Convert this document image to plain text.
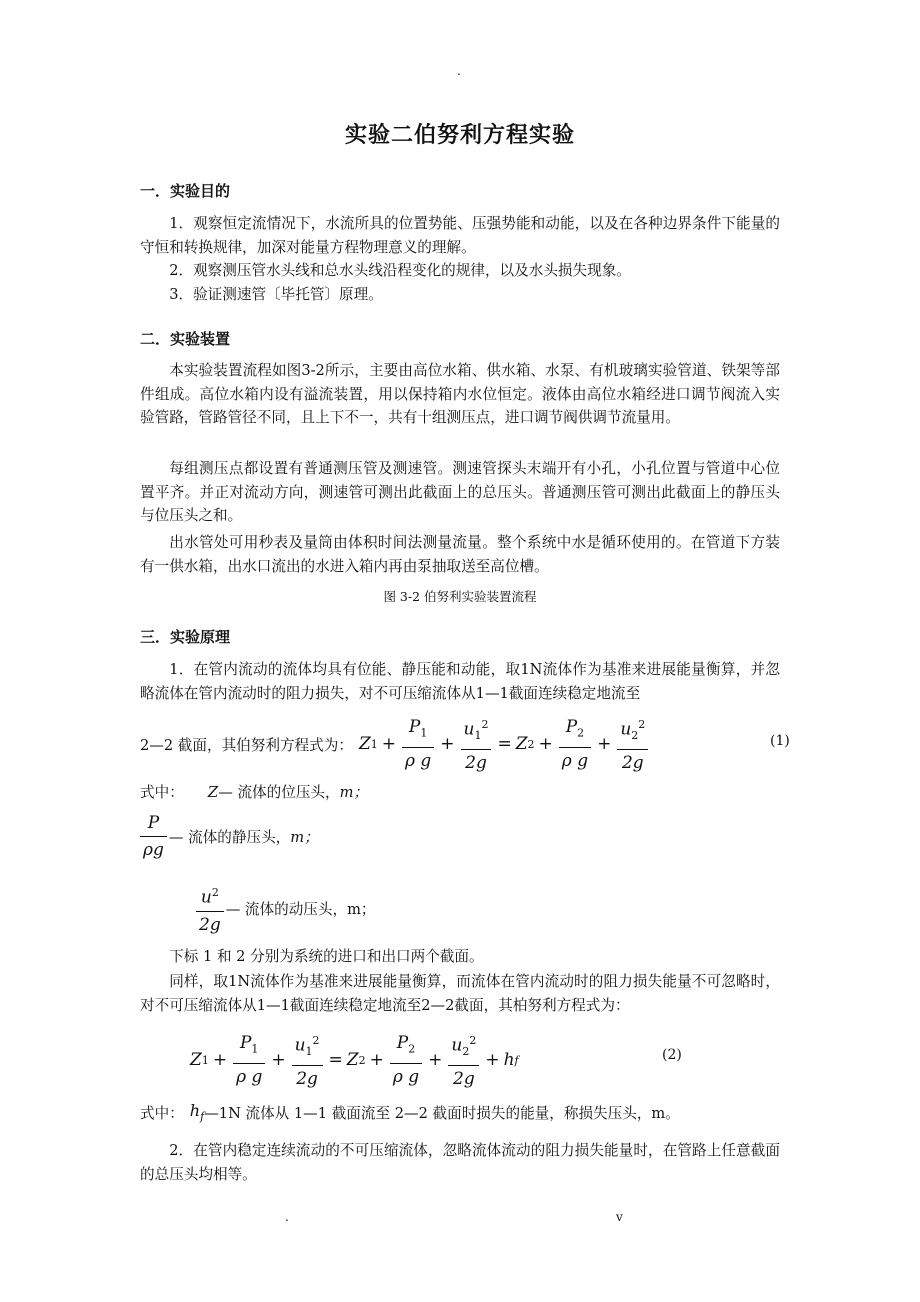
.
实验二伯努利方程实验
一．实验目的
1．观察恒定流情况下，水流所具的位置势能、压强势能和动能，以及在各种边界条件下能量的守恒和转换规律，加深对能量方程物理意义的理解。
2．观察测压管水头线和总水头线沿程变化的规律，以及水头损失现象。
3．验证测速管〔毕托管〕原理。
二．实验装置
本实验装置流程如图3-2所示，主要由高位水箱、供水箱、水泵、有机玻璃实验管道、铁架等部件组成。高位水箱内设有溢流装置，用以保持箱内水位恒定。液体由高位水箱经进口调节阀流入实验管路，管路管径不同，且上下不一，共有十组测压点，进口调节阀供调节流量用。
每组测压点都设置有普通测压管及测速管。测速管探头末端开有小孔，小孔位置与管道中心位置平齐。并正对流动方向，测速管可测出此截面上的总压头。普通测压管可测出此截面上的静压头与位压头之和。
出水管处可用秒表及量筒由体积时间法测量流量。整个系统中水是循环使用的。在管道下方装有一供水箱，出水口流出的水进入箱内再由泵抽取送至高位槽。
图 3-2 伯努利实验装置流程
三．实验原理
1．在管内流动的流体均具有位能、静压能和动能，取1N流体作为基准来进展能量衡算，并忽略流体在管内流动时的阻力损失，对不可压缩流体从1—1截面连续稳定地流至
2—2 截面，其伯努利方程式为： Z $1 + \frac{P_1}{\text{ρ g}} + \frac{u_1^2}{2g} = Z$ $2 + \frac{P_2}{\text{ρ g}} + \frac{u_2^2}{2g}$	(1)
式中： Z — 流体的位压头， m；
$\frac{P}{\rho g}$ — 流体的静压头， m；
$\frac{u^2}{2g}$ — 流体的动压头，m；
下标 1 和 2 分别为系统的进口和出口两个截面。
同样，取1N流体作为基准来进展能量衡算，而流体在管内流动时的阻力损失能量不可忽略时，对不可压缩流体从1—1截面连续稳定地流至2—2截面，其柏努利方程式为：
Z $1 + \frac{P_1}{\text{ρ g}} + \frac{u_1^2}{2g} = Z$ $2 + \frac{P_2}{\text{ρ g}} + \frac{u_2^2}{2g} + h$ f	(2)
式中： $h_f$ —1N 流体从 1—1 截面流至 2—2 截面时损失的能量，称损失压头，m。
2．在管内稳定连续流动的不可压缩流体，忽略流体流动的阻力损失能量时，在管路上任意截面的总压头均相等。
.	v
